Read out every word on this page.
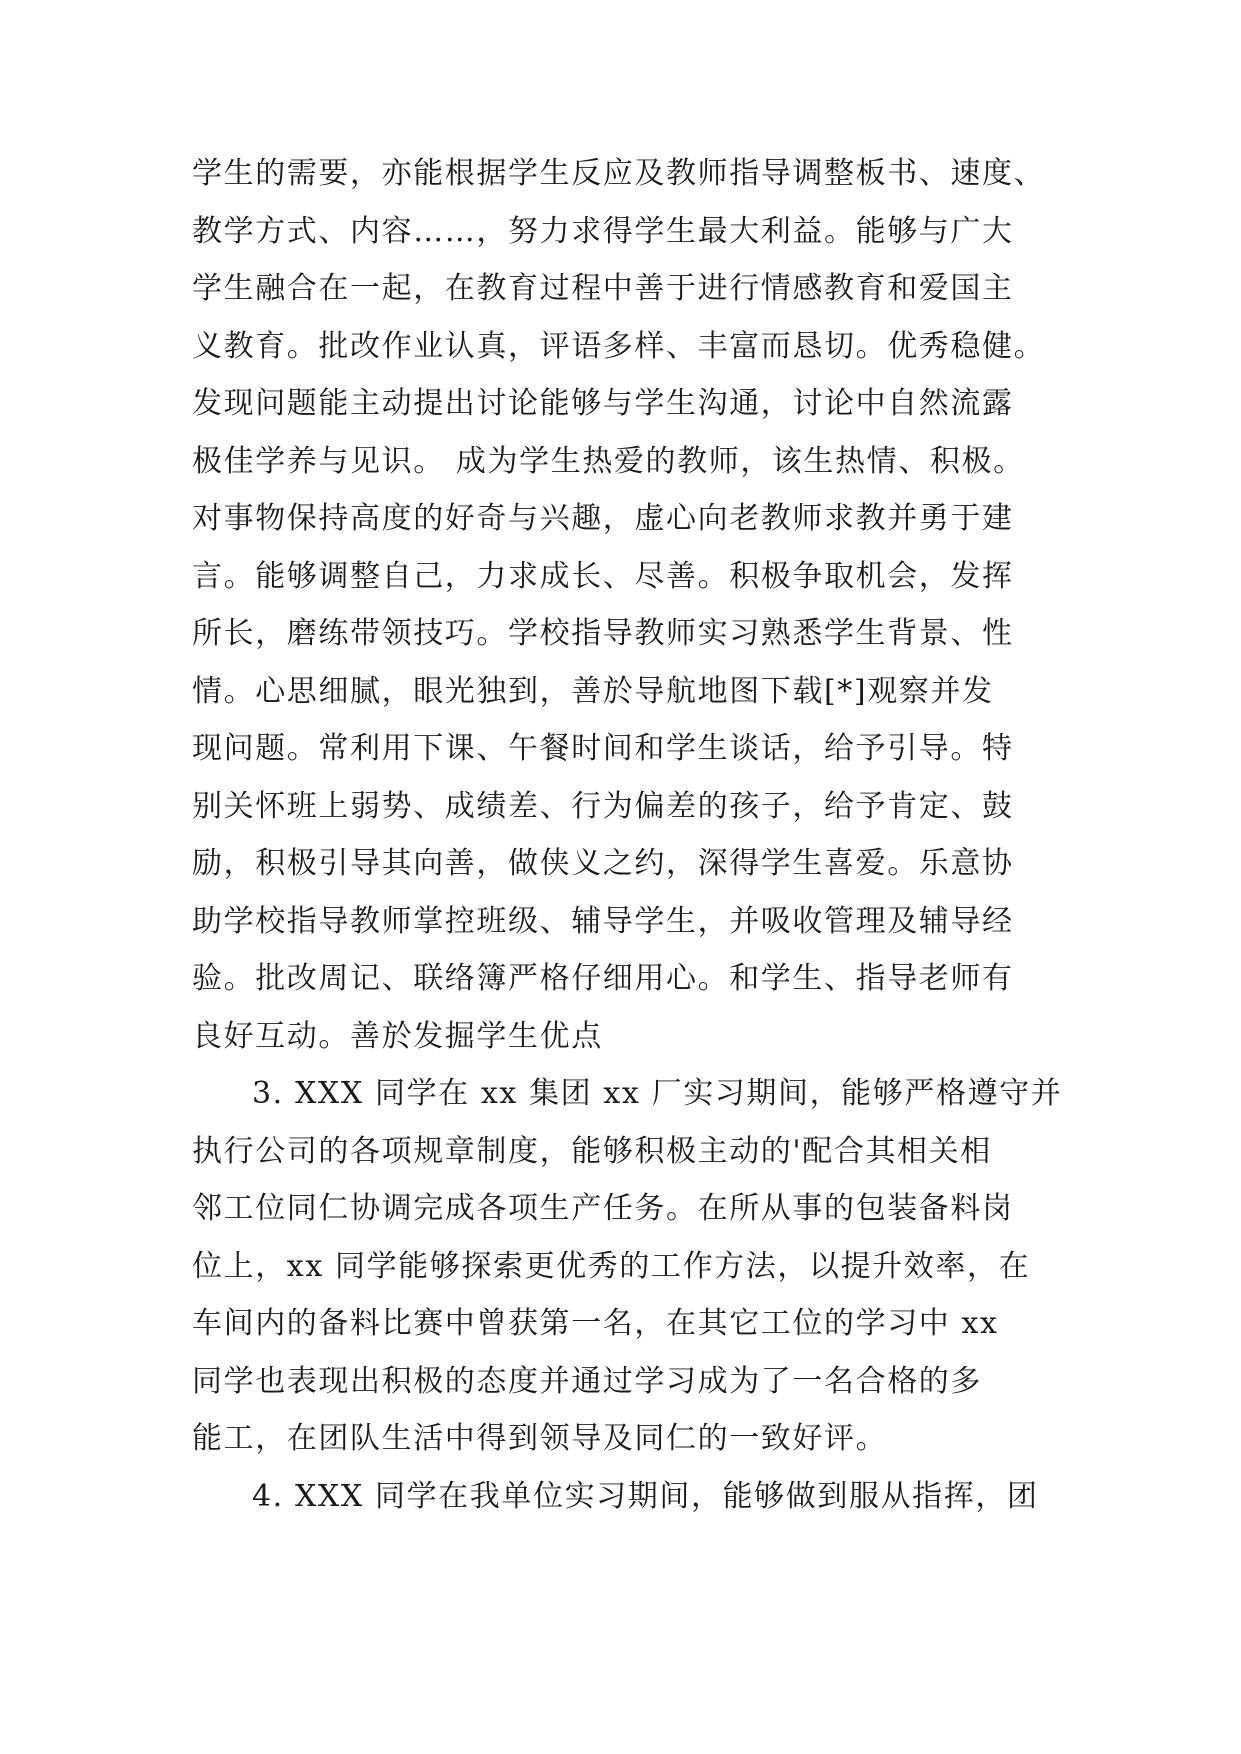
学生的需要，亦能根据学生反应及教师指导调整板书、速度、
教学方式、内容……，努力求得学生最大利益。能够与广大
学生融合在一起，在教育过程中善于进行情感教育和爱国主
义教育。批改作业认真，评语多样、丰富而恳切。优秀稳健。
发现问题能主动提出讨论能够与学生沟通，讨论中自然流露
极佳学养与见识。 成为学生热爱的教师，该生热情、积极。
对事物保持高度的好奇与兴趣，虚心向老教师求教并勇于建
言。能够调整自己，力求成长、尽善。积极争取机会，发挥
所长，磨练带领技巧。学校指导教师实习熟悉学生背景、性
情。心思细腻，眼光独到，善於导航地图下载[*]观察并发
现问题。常利用下课、午餐时间和学生谈话，给予引导。特
别关怀班上弱势、成绩差、行为偏差的孩子，给予肯定、鼓
励，积极引导其向善，做侠义之约，深得学生喜爱。乐意协
助学校指导教师掌控班级、辅导学生，并吸收管理及辅导经
验。批改周记、联络簿严格仔细用心。和学生、指导老师有
良好互动。善於发掘学生优点
3. XXX 同学在 xx 集团 xx 厂实习期间，能够严格遵守并
执行公司的各项规章制度，能够积极主动的'配合其相关相
邻工位同仁协调完成各项生产任务。在所从事的包装备料岗
位上，xx 同学能够探索更优秀的工作方法，以提升效率，在
车间内的备料比赛中曾获第一名，在其它工位的学习中 xx
同学也表现出积极的态度并通过学习成为了一名合格的多
能工，在团队生活中得到领导及同仁的一致好评。
4. XXX 同学在我单位实习期间，能够做到服从指挥，团
